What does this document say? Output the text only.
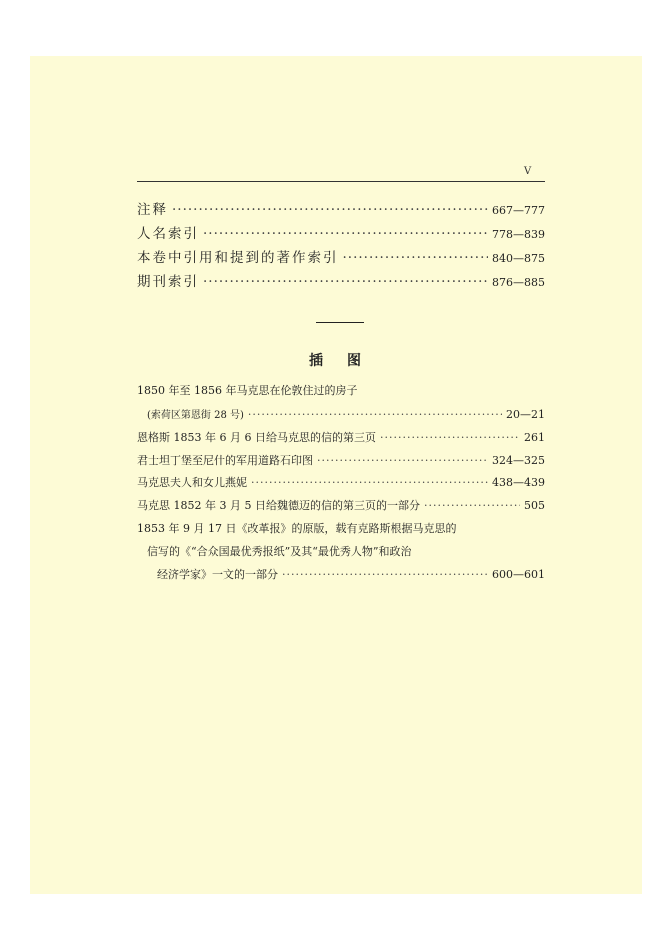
V
注释 ·····	667—777
人名索引 ·····	778—839
本卷中引用和提到的著作索引 ·····	840—875
期刊索引 ·····	876—885
插图
1850 年至 1856 年马克思在伦敦住过的房子
(索荷区第恩街 28 号) ·····	20—21
恩格斯 1853 年 6 月 6 日给马克思的信的第三页 ·····	261
君士坦丁堡至尼什的军用道路石印图 ·····	324—325
马克思夫人和女儿燕妮 ·····	438—439
马克思 1852 年 3 月 5 日给魏德迈的信的第三页的一部分 ·····	505
1853 年 9 月 17 日《改革报》的原版，载有克路斯根据马克思的
信写的《“合众国最优秀报纸”及其“最优秀人物”和政治
经济学家》一文的一部分 ·····	600—601
